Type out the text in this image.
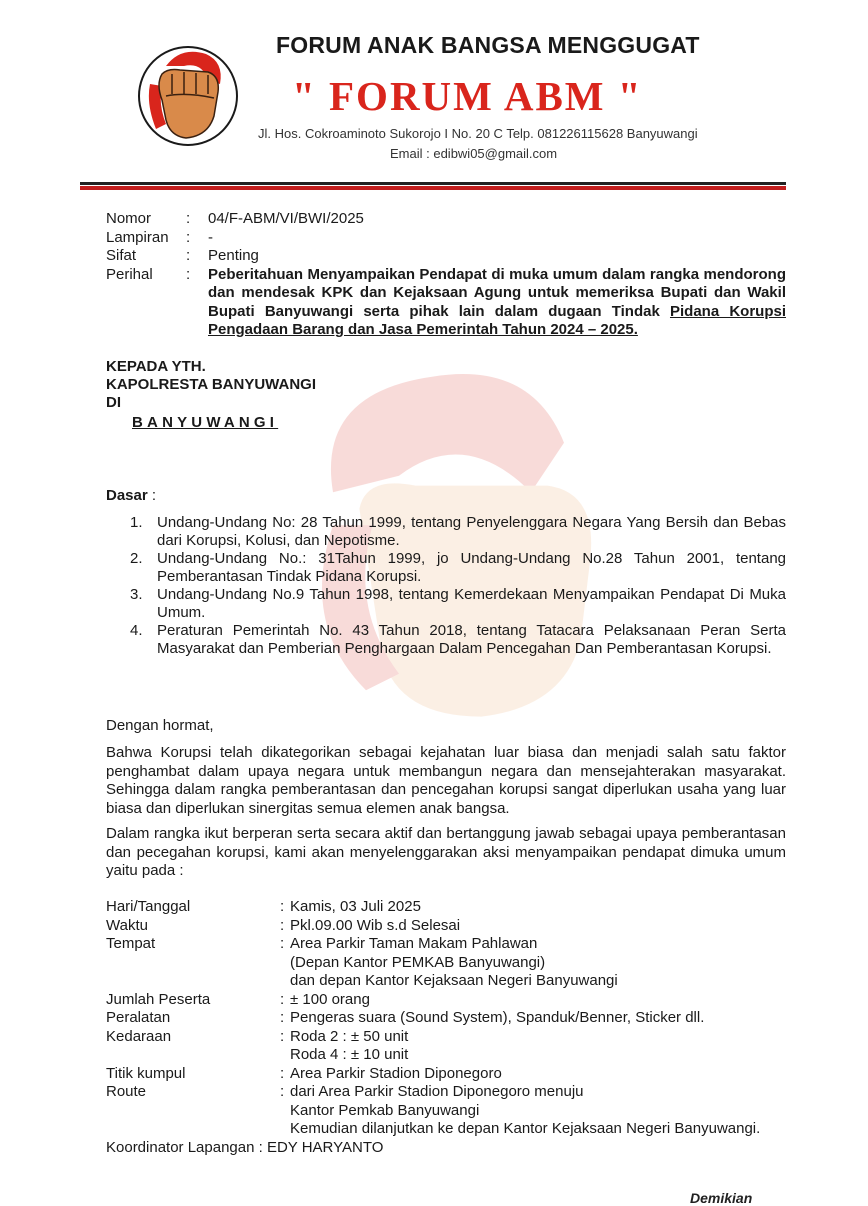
FORUM ANAK BANGSA MENGGUGAT
" FORUM ABM "
Jl. Hos. Cokroaminoto Sukorojo I No. 20 C Telp. 081226115628 Banyuwangi
Email : edibwi05@gmail.com
Nomor	:	04/F-ABM/VI/BWI/2025
Lampiran	:	-
Sifat	:	Penting
Perihal	:	Peberitahuan Menyampaikan Pendapat di muka umum dalam rangka mendorong dan mendesak KPK dan Kejaksaan Agung untuk memeriksa Bupati dan Wakil Bupati Banyuwangi serta pihak lain dalam dugaan Tindak Pidana Korupsi Pengadaan Barang dan Jasa Pemerintah Tahun 2024 – 2025.
KEPADA YTH.
KAPOLRESTA BANYUWANGI
DI
BANYUWANGI
Dasar :
1. Undang-Undang No: 28 Tahun 1999, tentang Penyelenggara Negara Yang Bersih dan Bebas dari Korupsi, Kolusi, dan Nepotisme.
2. Undang-Undang No.: 31Tahun 1999, jo Undang-Undang No.28 Tahun 2001, tentang Pemberantasan Tindak Pidana Korupsi.
3. Undang-Undang No.9 Tahun 1998, tentang Kemerdekaan Menyampaikan Pendapat Di Muka Umum.
4. Peraturan Pemerintah No. 43 Tahun 2018, tentang Tatacara Pelaksanaan Peran Serta Masyarakat dan Pemberian Penghargaan Dalam Pencegahan Dan Pemberantasan Korupsi.
Dengan hormat,
Bahwa Korupsi telah dikategorikan sebagai kejahatan luar biasa dan menjadi salah satu faktor penghambat dalam upaya negara untuk membangun negara dan mensejahterakan masyarakat. Sehingga dalam rangka pemberantasan dan pencegahan korupsi sangat diperlukan usaha yang luar biasa dan diperlukan sinergitas semua elemen anak bangsa.
Dalam rangka ikut berperan serta secara aktif dan bertanggung jawab sebagai upaya pemberantasan dan pecegahan korupsi, kami akan menyelenggarakan aksi menyampaikan pendapat dimuka umum yaitu pada :
Hari/Tanggal	: Kamis, 03 Juli 2025
Waktu	: Pkl.09.00 Wib s.d Selesai
Tempat	: Area Parkir Taman Makam Pahlawan
(Depan Kantor PEMKAB Banyuwangi)
dan depan Kantor Kejaksaan Negeri Banyuwangi
Jumlah Peserta	: ± 100 orang
Peralatan	: Pengeras suara (Sound System), Spanduk/Benner, Sticker dll.
Kedaraan	: Roda 2 : ± 50 unit
Roda 4 : ± 10 unit
Titik kumpul	: Area Parkir Stadion Diponegoro
Route	: dari Area Parkir Stadion Diponegoro menuju
Kantor Pemkab Banyuwangi
Kemudian dilanjutkan ke depan Kantor Kejaksaan Negeri Banyuwangi.
Koordinator Lapangan : EDY HARYANTO
Demikian
